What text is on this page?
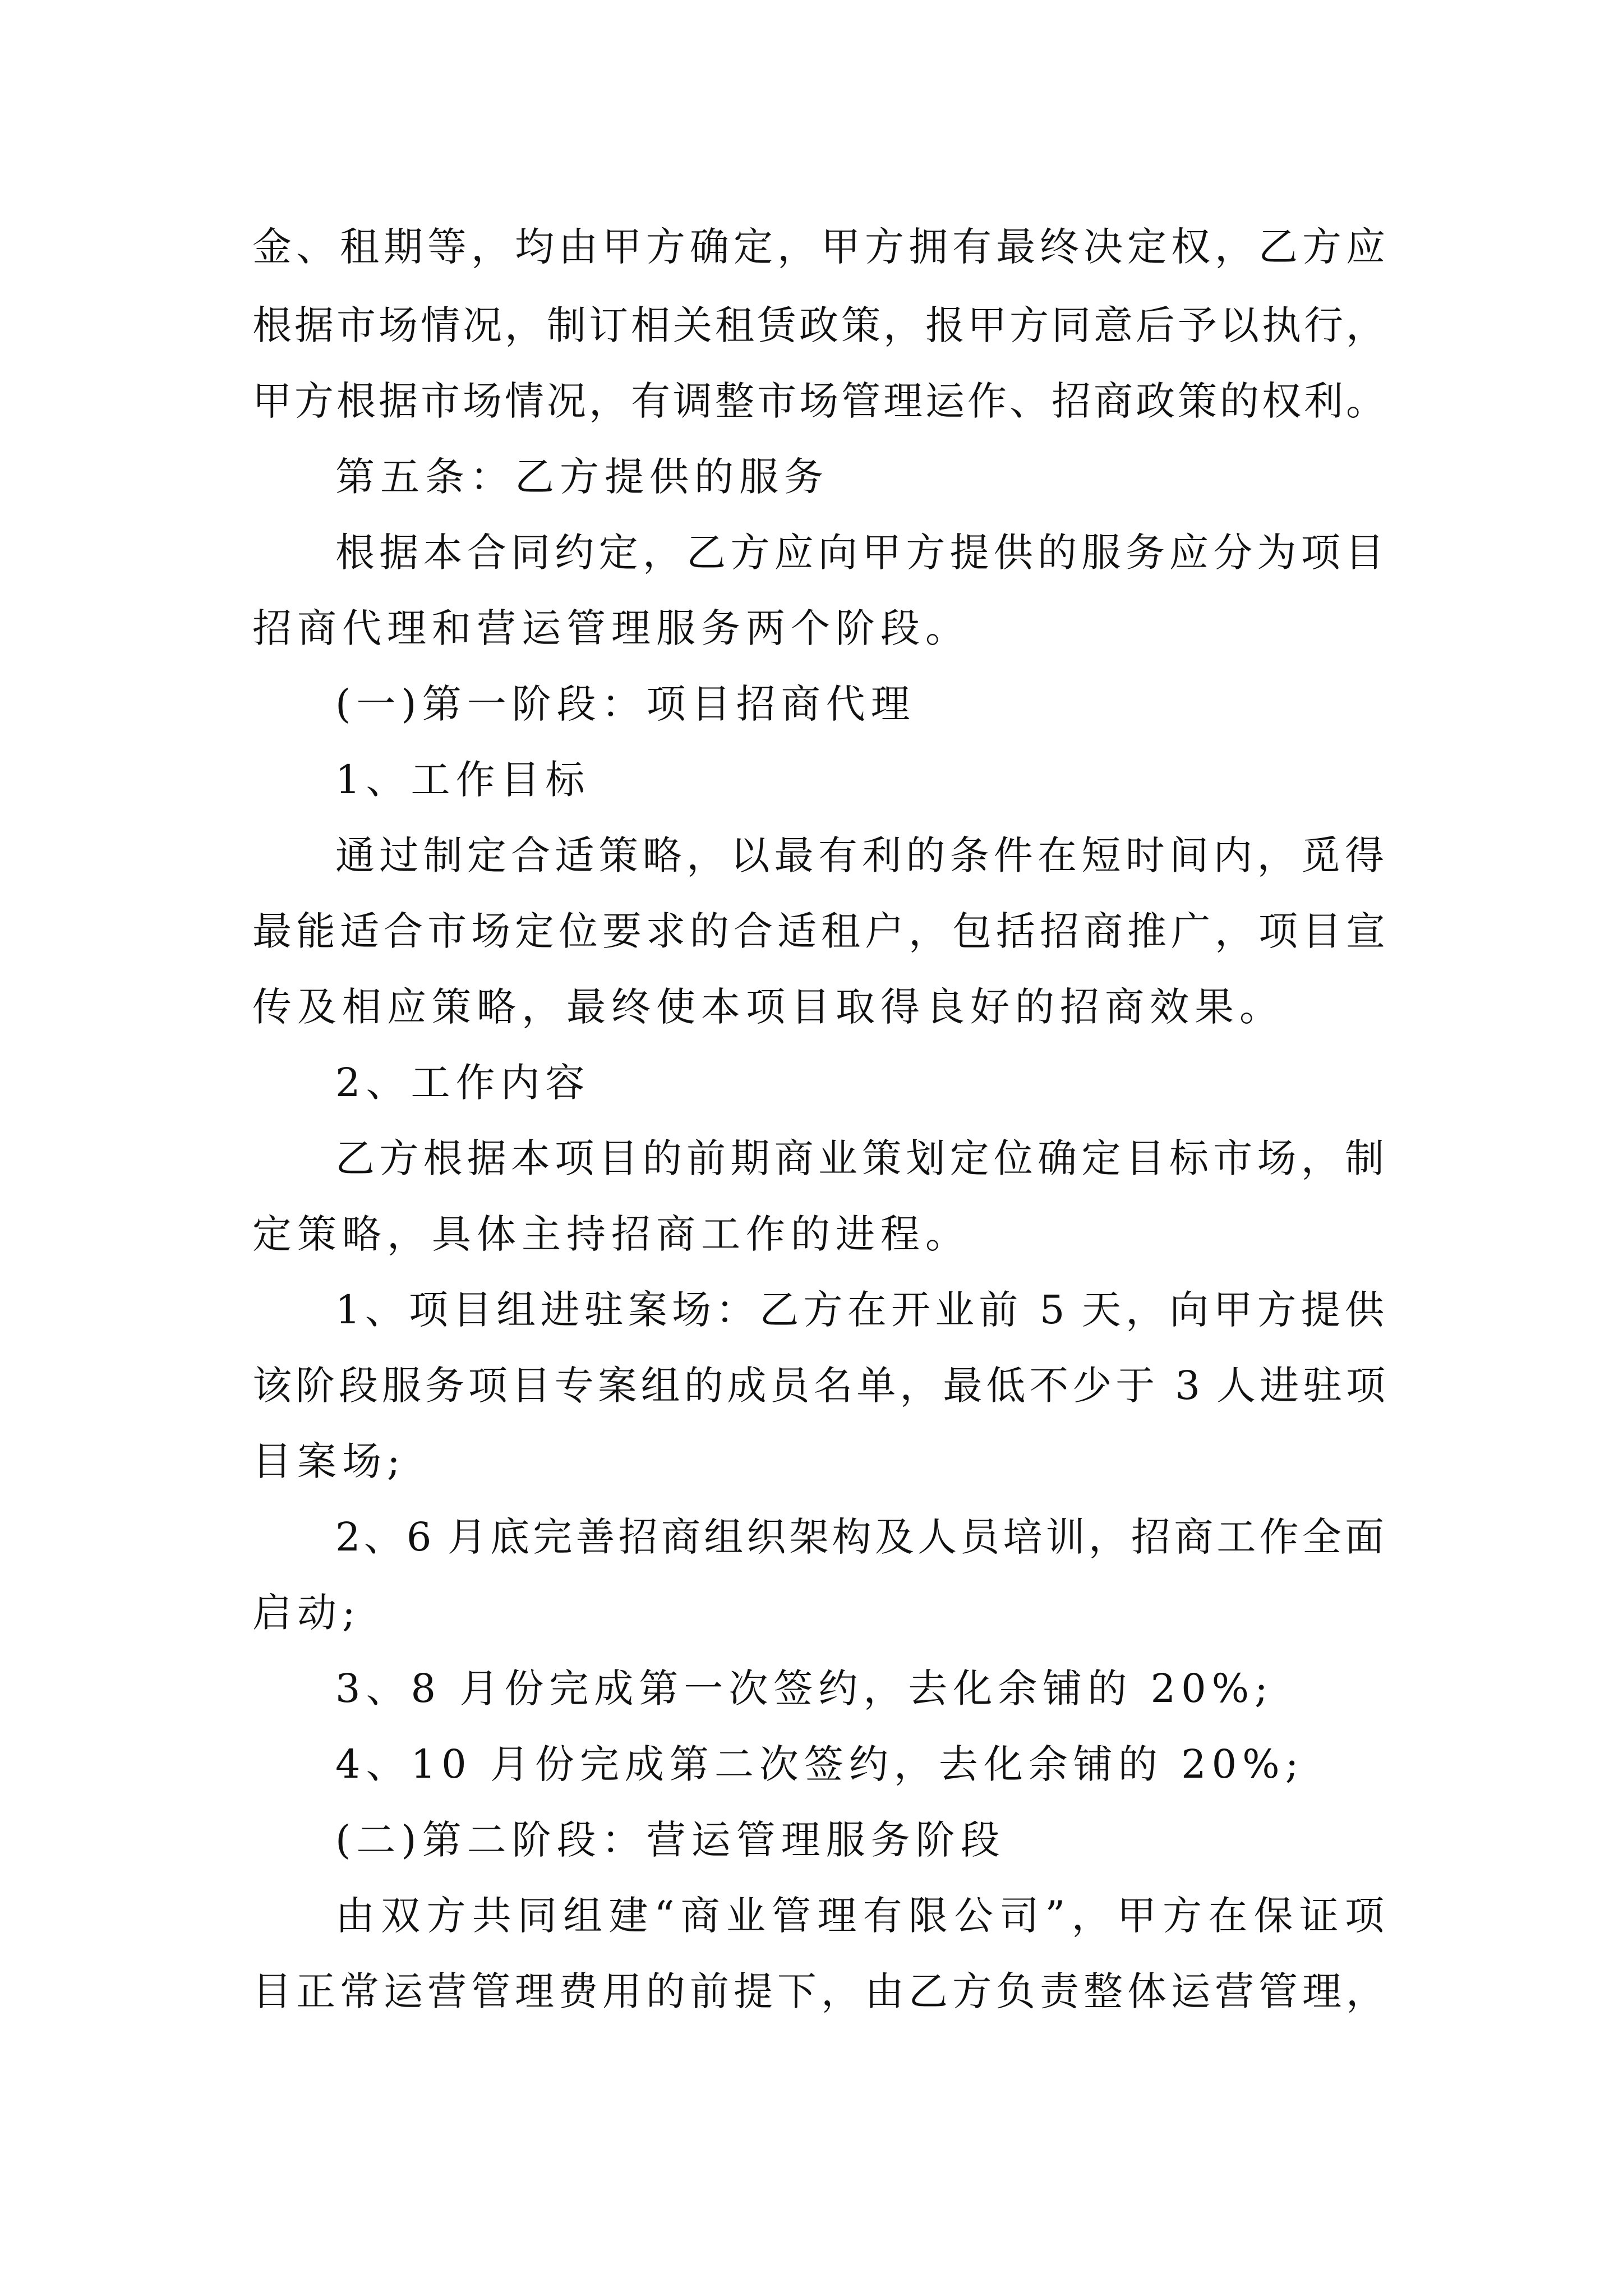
金、租期等，均由甲方确定，甲方拥有最终决定权，乙方应
根据市场情况，制订相关租赁政策，报甲方同意后予以执行，
甲方根据市场情况，有调整市场管理运作、招商政策的权利。
第五条：乙方提供的服务
根据本合同约定，乙方应向甲方提供的服务应分为项目
招商代理和营运管理服务两个阶段。
(一)第一阶段：项目招商代理
1、工作目标
通过制定合适策略，以最有利的条件在短时间内，觅得
最能适合市场定位要求的合适租户，包括招商推广，项目宣
传及相应策略，最终使本项目取得良好的招商效果。
2、工作内容
乙方根据本项目的前期商业策划定位确定目标市场，制
定策略，具体主持招商工作的进程。
1、项目组进驻案场：乙方在开业前 5 天，向甲方提供
该阶段服务项目专案组的成员名单，最低不少于 3 人进驻项
目案场;
2、6 月底完善招商组织架构及人员培训，招商工作全面
启动;
3、8 月份完成第一次签约，去化余铺的 20%;
4、10 月份完成第二次签约，去化余铺的 20%;
(二)第二阶段：营运管理服务阶段
由双方共同组建“商业管理有限公司”，甲方在保证项
目正常运营管理费用的前提下，由乙方负责整体运营管理，
